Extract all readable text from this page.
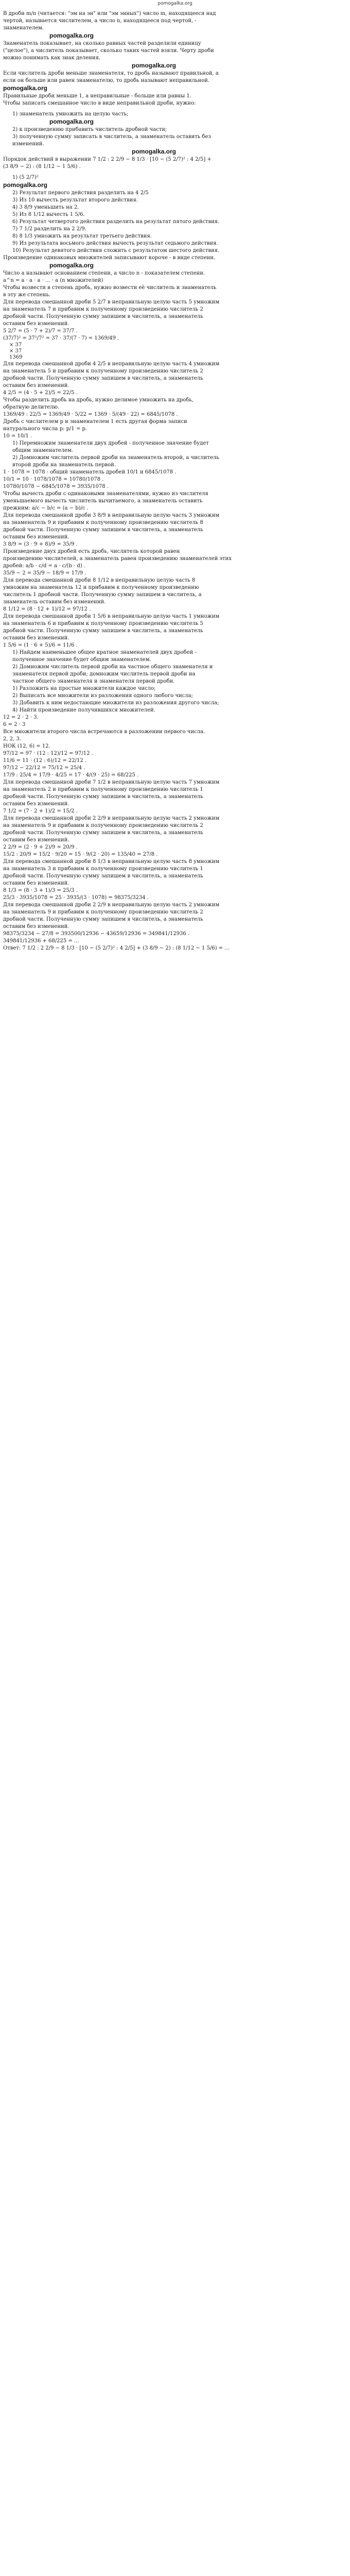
pomogalka.org
В дроби m/n (читается: "эм на эн" или "эм энных") число m, находящееся над
чертой, называется числителем, а число n, находящееся под чертой, -
знаменателем.
pomogalka.org
Знаменатель показывает, на сколько равных частей разделили единицу
("целое"), а числитель показывает, сколько таких частей взяли. Черту дроби
можно понимать как знак деления.
pomogalka.org
Если числитель дроби меньше знаменателя, то дробь называют правильной, а
если он больше или равен знаменателю, то дробь называют неправильной.
pomogalka.org
Правильные дроби меньше 1, а неправильные - больше или равны 1.
Чтобы записать смешанное число в виде неправильной дроби, нужно:
1) знаменатель умножить на целую часть;
pomogalka.org
2) к произведению прибавить числитель дробной части;
3) полученную сумму записать в числитель, а знаменатель оставить без
изменений.
pomogalka.org
Порядок действий в выражении 7 1/2 : 2 2/9 − 8 1/3 · [10 − (5 2/7)² : 4 2/5] +
(3 8/9 − 2) : (8 1/12 − 1 5/6) .
1) (5 2/7)²
pomogalka.org
2) Результат первого действия разделить на 4 2/5
3) Из 10 вычесть результат второго действия.
4) 3 8/9 уменьшить на 2.
5) Из 8 1/12 вычесть 1 5/6.
6) Результат четвертого действия разделить на результат пятого действия.
7) 7 1/2 разделить на 2 2/9.
8) 8 1/3 умножить на результат третьего действия.
9) Из результата восьмого действия вычесть результат седьмого действия.
10) Результат девятого действия сложить с результатом шестого действия.
Произведение одинаковых множителей записывают короче - в виде степени.
pomogalka.org
Число a называют основанием степени, а число n - показателем степени.
a^n = a · a · a · ... · a (n множителей)
Чтобы возвести в степень дробь, нужно возвести её числитель и знаменатель
в эту же степень.
Для перевода смешанной дроби 5 2/7 в неправильную целую часть 5 умножим
на знаменатель 7 и прибавим к полученному произведению числитель 2
дробной части. Полученную сумму запишем в числитель, а знаменатель
оставим без изменений.
5 2/7 = (5 · 7 + 2)/7 = 37/7 .
(37/7)² = 37²/7² = 37 · 37/(7 · 7) = 1369/49 .
× 37
× 37
1369
Для перевода смешанной дроби 4 2/5 в неправильную целую часть 4 умножим
на знаменатель 5 и прибавим к полученному произведению числитель 2
дробной части. Полученную сумму запишем в числитель, а знаменатель
оставим без изменений.
4 2/5 = (4 · 5 + 2)/5 = 22/5 .
Чтобы разделить дробь на дробь, нужно делимое умножить на дробь,
обратную делителю.
1369/49 : 22/5 = 1369/49 · 5/22 = 1369 · 5/(49 · 22) = 6845/1078 .
Дробь с числителем p и знаменателем 1 есть другая форма записи
натурального числа p: p/1 = p.
10 = 10/1 .
1) Перемножим знаменатели двух дробей - полученное значение будет
общим знаменателем.
2) Домножим числитель первой дроби на знаменатель второй, а числитель
второй дроби на знаменатель первой.
1 · 1078 = 1078 - общий знаменатель дробей 10/1 и 6845/1078 .
10/1 = 10 · 1078/1078 = 10780/1078 .
10780/1078 − 6845/1078 = 3935/1078 .
Чтобы вычесть дроби с одинаковыми знаменателями, нужно из числителя
уменьшаемого вычесть числитель вычитаемого, а знаменатель оставить
прежним: a/c − b/c = (a − b)/c .
Для перевода смешанной дроби 3 8/9 в неправильную целую часть 3 умножим
на знаменатель 9 и прибавим к полученному произведению числитель 8
дробной части. Полученную сумму запишем в числитель, а знаменатель
оставим без изменений.
3 8/9 = (3 · 9 + 8)/9 = 35/9 .
Произведение двух дробей есть дробь, числитель которой равен
произведению числителей, а знаменатель равен произведению знаменателей этих
дробей: a/b · c/d = a · c/(b · d) .
35/9 − 2 = 35/9 − 18/9 = 17/9 .
Для перевода смешанной дроби 8 1/12 в неправильную целую часть 8
умножим на знаменатель 12 и прибавим к полученному произведению
числитель 1 дробной части. Полученную сумму запишем в числитель, а
знаменатель оставим без изменений.
8 1/12 = (8 · 12 + 1)/12 = 97/12 .
Для перевода смешанной дроби 1 5/6 в неправильную целую часть 1 умножим
на знаменатель 6 и прибавим к полученному произведению числитель 5
дробной части. Полученную сумму запишем в числитель, а знаменатель
оставим без изменений.
1 5/6 = (1 · 6 + 5)/6 = 11/6 .
1) Найдем наименьшее общее кратное знаменателей двух дробей -
полученное значение будет общим знаменателем.
2) Домножим числитель первой дроби на частное общего знаменателя и
знаменателя первой дроби; домножим числитель первой дроби на
частное общего знаменателя и знаменателя первой дроби.
1) Разложить на простые множители каждое число;
2) Выписать все множители из разложения одного любого числа;
3) Добавить к ним недостающие множители из разложения другого числа;
4) Найти произведение получившихся множителей.
12 = 2 · 2 · 3.
6 = 2 · 3
Все множители второго числа встречаются в разложении первого числа.
2, 2, 3.
НОК (12, 6) = 12.
97/12 = 97 · (12 : 12)/12 = 97/12 .
11/6 = 11 · (12 : 6)/12 = 22/12 .
97/12 − 22/12 = 75/12 = 25/4 .
17/9 : 25/4 = 17/9 · 4/25 = 17 · 4/(9 · 25) = 68/225 .
Для перевода смешанной дроби 7 1/2 в неправильную целую часть 7 умножим
на знаменатель 2 и прибавим к полученному произведению числитель 1
дробной части. Полученную сумму запишем в числитель, а знаменатель
оставим без изменений.
7 1/2 = (7 · 2 + 1)/2 = 15/2 .
Для перевода смешанной дроби 2 2/9 в неправильную целую часть 2 умножим
на знаменатель 9 и прибавим к полученному произведению числитель 2
дробной части. Полученную сумму запишем в числитель, а знаменатель
оставим без изменений.
2 2/9 = (2 · 9 + 2)/9 = 20/9 .
15/2 : 20/9 = 15/2 · 9/20 = 15 · 9/(2 · 20) = 135/40 = 27/8 .
Для перевода смешанной дроби 8 1/3 в неправильную целую часть 8 умножим
на знаменатель 3 и прибавим к полученному произведению числитель 1
дробной части. Полученную сумму запишем в числитель, а знаменатель
оставим без изменений.
8 1/3 = (8 · 3 + 1)/3 = 25/3 .
25/3 · 3935/1078 = 25 · 3935/(3 · 1078) = 98375/3234 .
Для перевода смешанной дроби 2 2/9 в неправильную целую часть 2 умножим
на знаменатель 9 и прибавим к полученному произведению числитель 2
дробной части. Полученную сумму запишем в числитель, а знаменатель
оставим без изменений.
98375/3234 − 27/8 = 393500/12936 − 43659/12936 = 349841/12936 .
349841/12936 + 68/225 = ...
Ответ: 7 1/2 : 2 2/9 − 8 1/3 · [10 − (5 2/7)² : 4 2/5] + (3 8/9 − 2) : (8 1/12 − 1 5/6) = ...
